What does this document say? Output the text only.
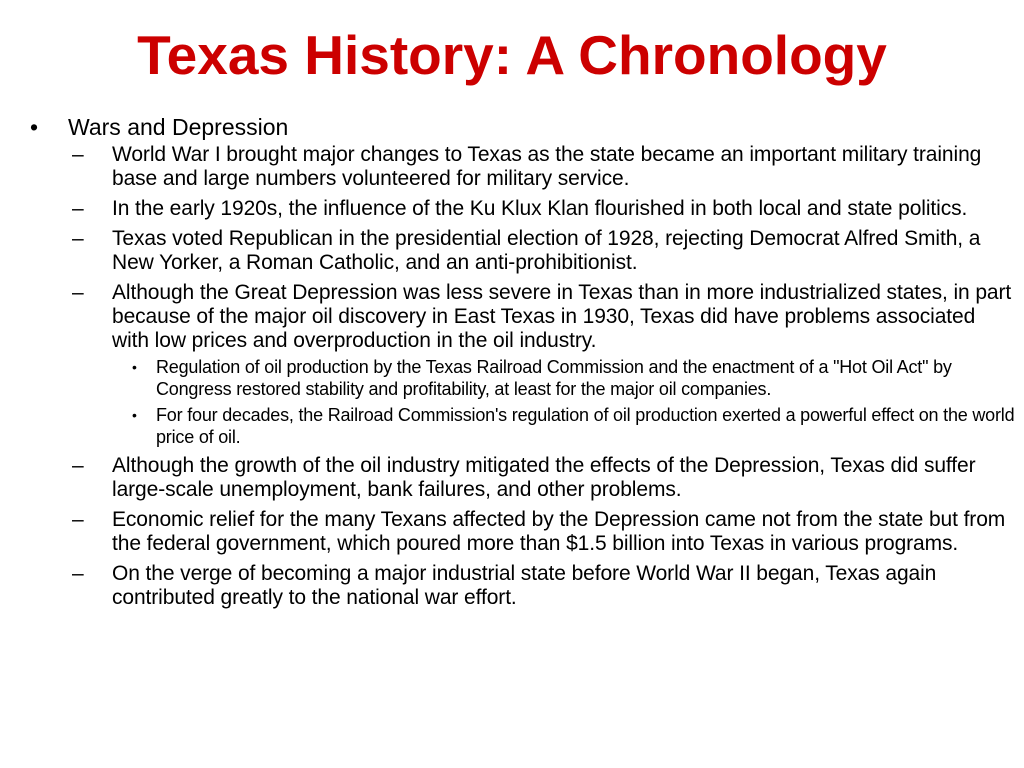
Texas History: A Chronology
• Wars and Depression
– World War I brought major changes to Texas as the state became an important military training base and large numbers volunteered for military service.
– In the early 1920s, the influence of the Ku Klux Klan flourished in both local and state politics.
– Texas voted Republican in the presidential election of 1928, rejecting Democrat Alfred Smith, a New Yorker, a Roman Catholic, and an anti-prohibitionist.
– Although the Great Depression was less severe in Texas than in more industrialized states, in part because of the major oil discovery in East Texas in 1930, Texas did have problems associated with low prices and overproduction in the oil industry.
• Regulation of oil production by the Texas Railroad Commission and the enactment of a "Hot Oil Act" by Congress restored stability and profitability, at least for the major oil companies.
• For four decades, the Railroad Commission's regulation of oil production exerted a powerful effect on the world price of oil.
– Although the growth of the oil industry mitigated the effects of the Depression, Texas did suffer large-scale unemployment, bank failures, and other problems.
– Economic relief for the many Texans affected by the Depression came not from the state but from the federal government, which poured more than $1.5 billion into Texas in various programs.
– On the verge of becoming a major industrial state before World War II began, Texas again contributed greatly to the national war effort.
